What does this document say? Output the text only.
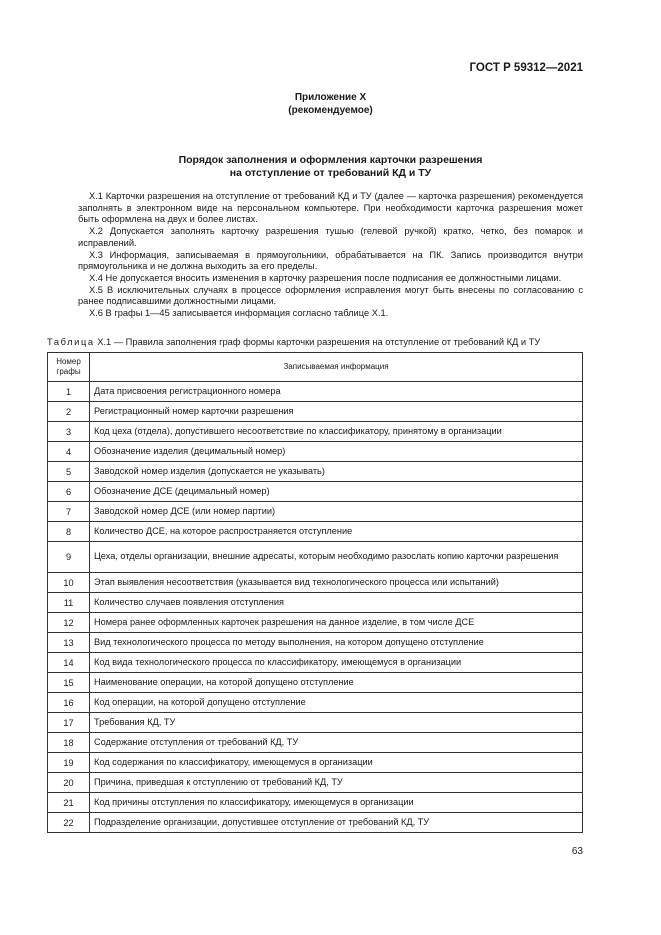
ГОСТ Р 59312—2021
Приложение Х
(рекомендуемое)
Порядок заполнения и оформления карточки разрешения
на отступление от требований КД и ТУ

Х.1 Карточки разрешения на отступление от требований КД и ТУ (далее — карточка разрешения) рекомендуется заполнять в электронном виде на персональном компьютере. При необходимости карточка разрешения может быть оформлена на двух и более листах.

Х.2 Допускается заполнять карточку разрешения тушью (гелевой ручкой) кратко, четко, без помарок и исправлений.

Х.3 Информация, записываемая в прямоугольники, обрабатывается на ПК. Запись производится внутри прямоугольника и не должна выходить за его пределы.

Х.4 Не допускается вносить изменения в карточку разрешения после подписания ее должностными лицами.

Х.5 В исключительных случаях в процессе оформления исправления могут быть внесены по согласованию с ранее подписавшими должностными лицами.

Х.6 В графы 1—45 записывается информация согласно таблице Х.1.

Таблица Х.1 — Правила заполнения граф формы карточки разрешения на отступление от требований КД и ТУ
Номер графы	Записываемая информация
1	Дата присвоения регистрационного номера
2	Регистрационный номер карточки разрешения
3	Код цеха (отдела), допустившего несоответствие по классификатору, принятому в организации
4	Обозначение изделия (децимальный номер)
5	Заводской номер изделия (допускается не указывать)
6	Обозначение ДСЕ (децимальный номер)
7	Заводской номер ДСЕ (или номер партии)
8	Количество ДСЕ, на которое распространяется отступление
9	Цеха, отделы организации, внешние адресаты, которым необходимо разослать копию карточки разрешения
10	Этап выявления несоответствия (указывается вид технологического процесса или испытаний)
11	Количество случаев появления отступления
12	Номера ранее оформленных карточек разрешения на данное изделие, в том числе ДСЕ
13	Вид технологического процесса по методу выполнения, на котором допущено отступление
14	Код вида технологического процесса по классификатору, имеющемуся в организации
15	Наименование операции, на которой допущено отступление
16	Код операции, на которой допущено отступление
17	Требования КД, ТУ
18	Содержание отступления от требований КД, ТУ
19	Код содержания по классификатору, имеющемуся в организации
20	Причина, приведшая к отступлению от требований КД, ТУ
21	Код причины отступления по классификатору, имеющемуся в организации
22	Подразделение организации, допустившее отступление от требований КД, ТУ
63
